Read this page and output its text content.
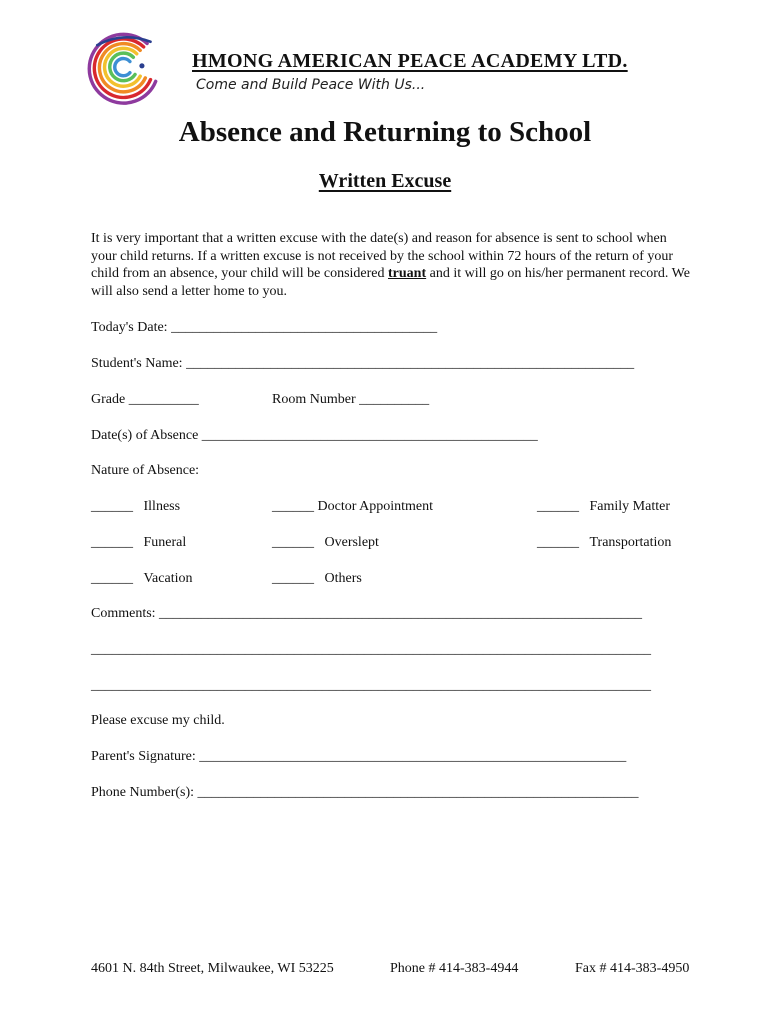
HMONG AMERICAN PEACE ACADEMY LTD.
Come and Build Peace With Us...
Absence and Returning to School
Written Excuse
It is very important that a written excuse with the date(s) and reason for absence is sent to school when your child returns. If a written excuse is not received by the school within 72 hours of the return of your child from an absence, your child will be considered truant and it will go on his/her permanent record. We will also send a letter home to you.
Today's Date: ______________________________________
Student's Name: ________________________________________________________________
Grade __________	Room Number __________
Date(s) of Absence ________________________________________________
Nature of Absence:
______ Illness	______ Doctor Appointment	______ Family Matter
______ Funeral	______ Overslept	______ Transportation
______ Vacation	______ Others
Comments: _____________________________________________________________________
________________________________________________________________________________
________________________________________________________________________________
Please excuse my child.
Parent's Signature: _____________________________________________________________
Phone Number(s): _______________________________________________________________
4601 N. 84th Street, Milwaukee, WI 53225	Phone # 414-383-4944	Fax # 414-383-4950
